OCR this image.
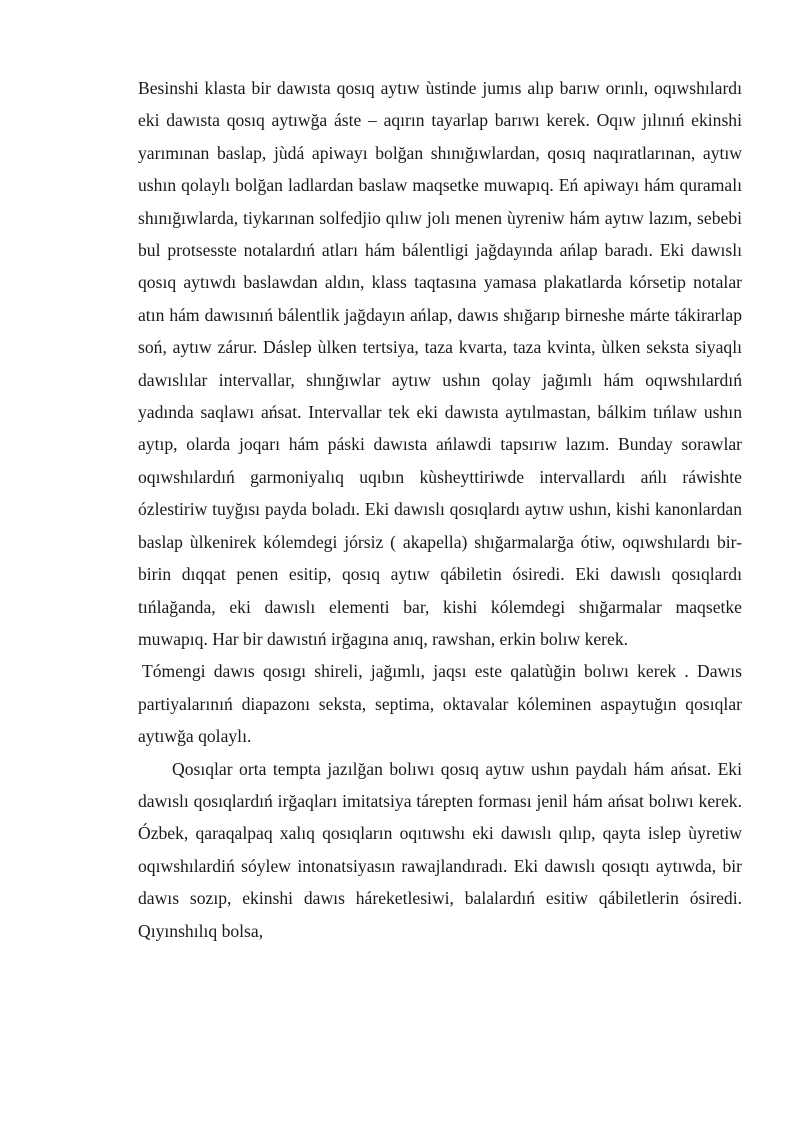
Besinshi klasta bir dawısta qosıq aytıw ùstinde jumıs alıp barıw orınlı, oqıwshılardı eki dawısta qosıq aytıwğa áste – aqırın tayarlap barıwı kerek. Oqıw jılınıń ekinshi yarımınan baslap, jùdá apiwayı bolğan shınığıwlardan, qosıq naqıratlarınan, aytıw ushın qolaylı bolğan ladlardan baslaw maqsetke muwapıq. Eń apiwayı hám quramalı shınığıwlarda, tiykarınan solfedjio qılıw jolı menen ùyreniw hám aytıw lazım, sebebi bul protsesste notalardıń atları hám bálentligi jağdayında ańlap baradı. Eki dawıslı qosıq aytıwdı baslawdan aldın, klass taqtasına yamasa plakatlarda kórsetip notalar atın hám dawısınıń bálentlik jağdayın ańlap, dawıs shığarıp birneshe márte tákirarlap soń, aytıw zárur. Dáslep ùlken tertsiya, taza kvarta, taza kvinta, ùlken seksta siyaqlı dawıslılar intervallar, shınğıwlar aytıw ushın qolay jağımlı hám oqıwshılardıń yadında saqlawı ańsat. Intervallar tek eki dawısta aytılmastan, bálkim tıńlaw ushın aytıp, olarda joqarı hám páski dawısta ańlawdi tapsırıw lazım. Bunday sorawlar oqıwshılardıń garmoniyalıq uqıbın kùsheyttiriwde intervallardı ańlı ráwishte ózlestiriw tuyğısı payda boladı. Eki dawıslı qosıqlardı aytıw ushın, kishi kanonlardan baslap ùlkenirek kólemdegi jórsiz ( akapella) shığarmalarğa ótiw, oqıwshılardı bir- birin dıqqat penen esitip, qosıq aytıw qábiletin ósiredi. Eki dawıslı qosıqlardı tıńlağanda, eki dawıslı elementi bar, kishi kólemdegi shığarmalar maqsetke muwapıq. Har bir dawıstıń irğagına anıq, rawshan, erkin bolıw kerek.

Tómengi dawıs qosıgı shireli, jağımlı, jaqsı este qalatùğin bolıwı kerek . Dawıs partiyalarınıń diapazonı seksta, septima, oktavalar kóleminen aspaytuğın qosıqlar aytıwğa qolaylı.

Qosıqlar orta tempta jazılğan bolıwı qosıq aytıw ushın paydalı hám ańsat. Eki dawıslı qosıqlardıń irğaqları imitatsiya tárepten forması jenil hám ańsat bolıwı kerek. Ózbek, qaraqalpaq xalıq qosıqların oqıtıwshı eki dawıslı qılıp, qayta islep ùyretiw oqıwshılardiń sóylew intonatsiyasın rawajlandıradı. Eki dawıslı qosıqtı aytıwda, bir dawıs sozıp, ekinshi dawıs háreketlesiwi, balalardıń esitiw qábiletlerin ósiredi. Qıyınshılıq bolsa,
